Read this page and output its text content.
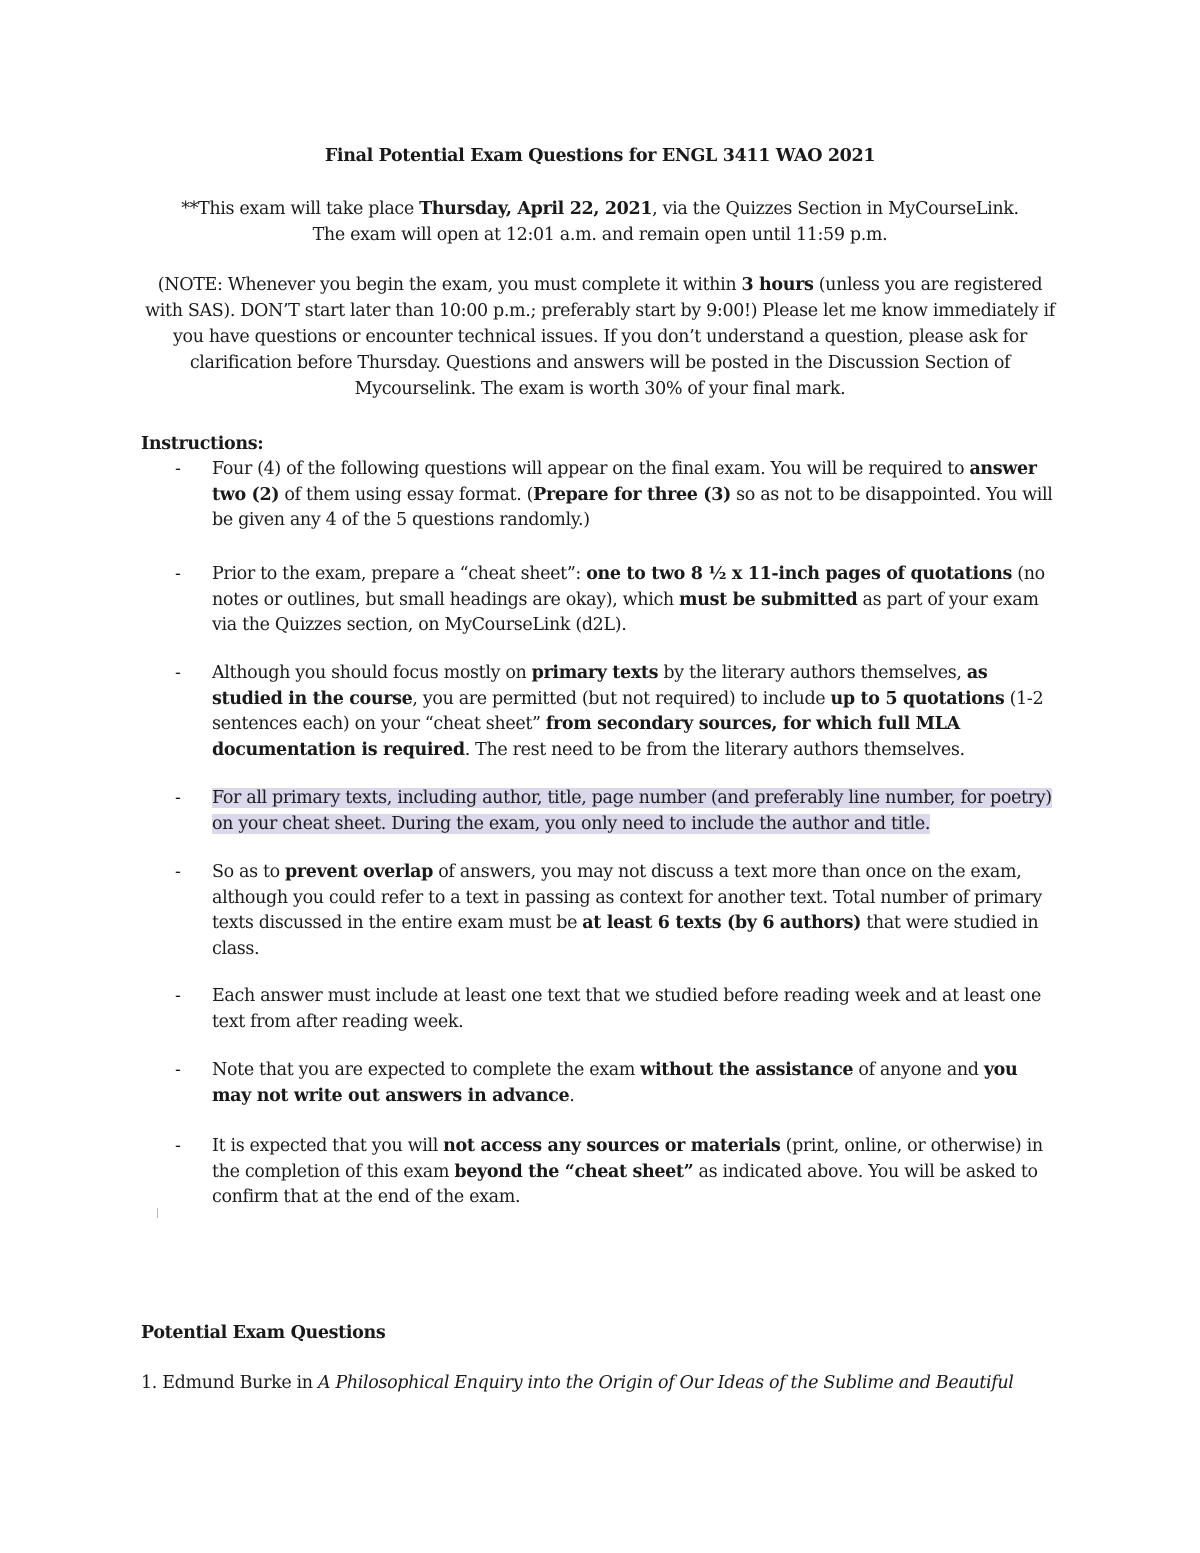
Final Potential Exam Questions for ENGL 3411 WAO 2021
**This exam will take place Thursday, April 22, 2021, via the Quizzes Section in MyCourseLink.
The exam will open at 12:01 a.m. and remain open until 11:59 p.m.
(NOTE: Whenever you begin the exam, you must complete it within 3 hours (unless you are registered with SAS). DON’T start later than 10:00 p.m.; preferably start by 9:00!) Please let me know immediately if you have questions or encounter technical issues. If you don’t understand a question, please ask for clarification before Thursday. Questions and answers will be posted in the Discussion Section of Mycourselink. The exam is worth 30% of your final mark.
Instructions:
- Four (4) of the following questions will appear on the final exam. You will be required to answer two (2) of them using essay format. (Prepare for three (3) so as not to be disappointed. You will be given any 4 of the 5 questions randomly.)
- Prior to the exam, prepare a “cheat sheet”: one to two 8 ½ x 11-inch pages of quotations (no notes or outlines, but small headings are okay), which must be submitted as part of your exam via the Quizzes section, on MyCourseLink (d2L).
- Although you should focus mostly on primary texts by the literary authors themselves, as studied in the course, you are permitted (but not required) to include up to 5 quotations (1-2 sentences each) on your “cheat sheet” from secondary sources, for which full MLA documentation is required. The rest need to be from the literary authors themselves.
- For all primary texts, including author, title, page number (and preferably line number, for poetry) on your cheat sheet. During the exam, you only need to include the author and title.
- So as to prevent overlap of answers, you may not discuss a text more than once on the exam, although you could refer to a text in passing as context for another text. Total number of primary texts discussed in the entire exam must be at least 6 texts (by 6 authors) that were studied in class.
- Each answer must include at least one text that we studied before reading week and at least one text from after reading week.
- Note that you are expected to complete the exam without the assistance of anyone and you may not write out answers in advance.
- It is expected that you will not access any sources or materials (print, online, or otherwise) in the completion of this exam beyond the “cheat sheet” as indicated above. You will be asked to confirm that at the end of the exam.
Potential Exam Questions
1. Edmund Burke in A Philosophical Enquiry into the Origin of Our Ideas of the Sublime and Beautiful
